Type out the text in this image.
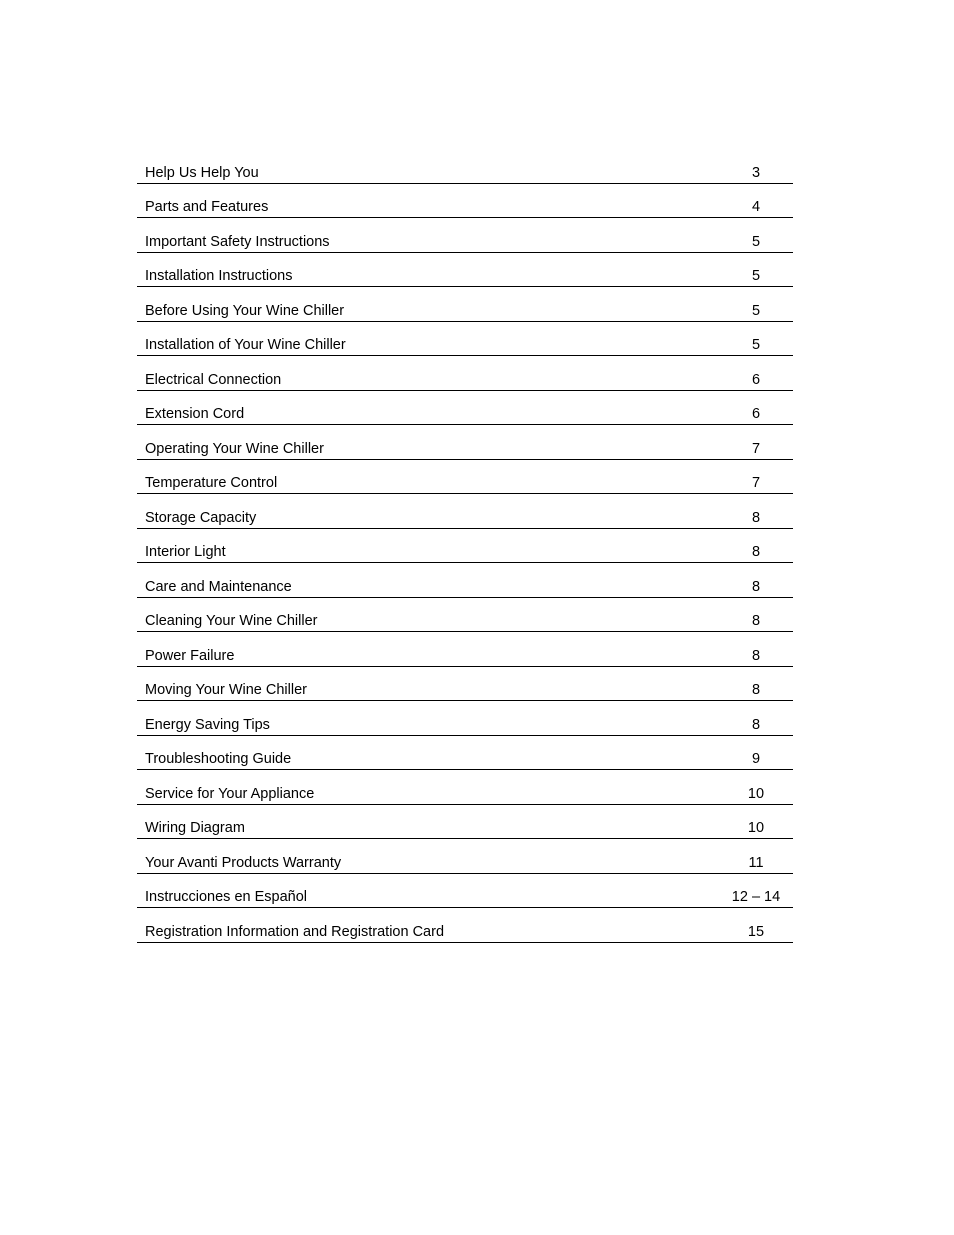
Help Us Help You	3
Parts and Features	4
Important Safety Instructions	5
Installation Instructions	5
Before Using Your Wine Chiller	5
Installation of Your Wine Chiller	5
Electrical Connection	6
Extension Cord	6
Operating Your Wine Chiller	7
Temperature Control	7
Storage Capacity	8
Interior Light	8
Care and Maintenance	8
Cleaning Your Wine Chiller	8
Power Failure	8
Moving Your Wine Chiller	8
Energy Saving Tips	8
Troubleshooting Guide	9
Service for Your Appliance	10
Wiring Diagram	10
Your Avanti Products Warranty	11
Instrucciones en Español	12 – 14
Registration Information and Registration Card	15
